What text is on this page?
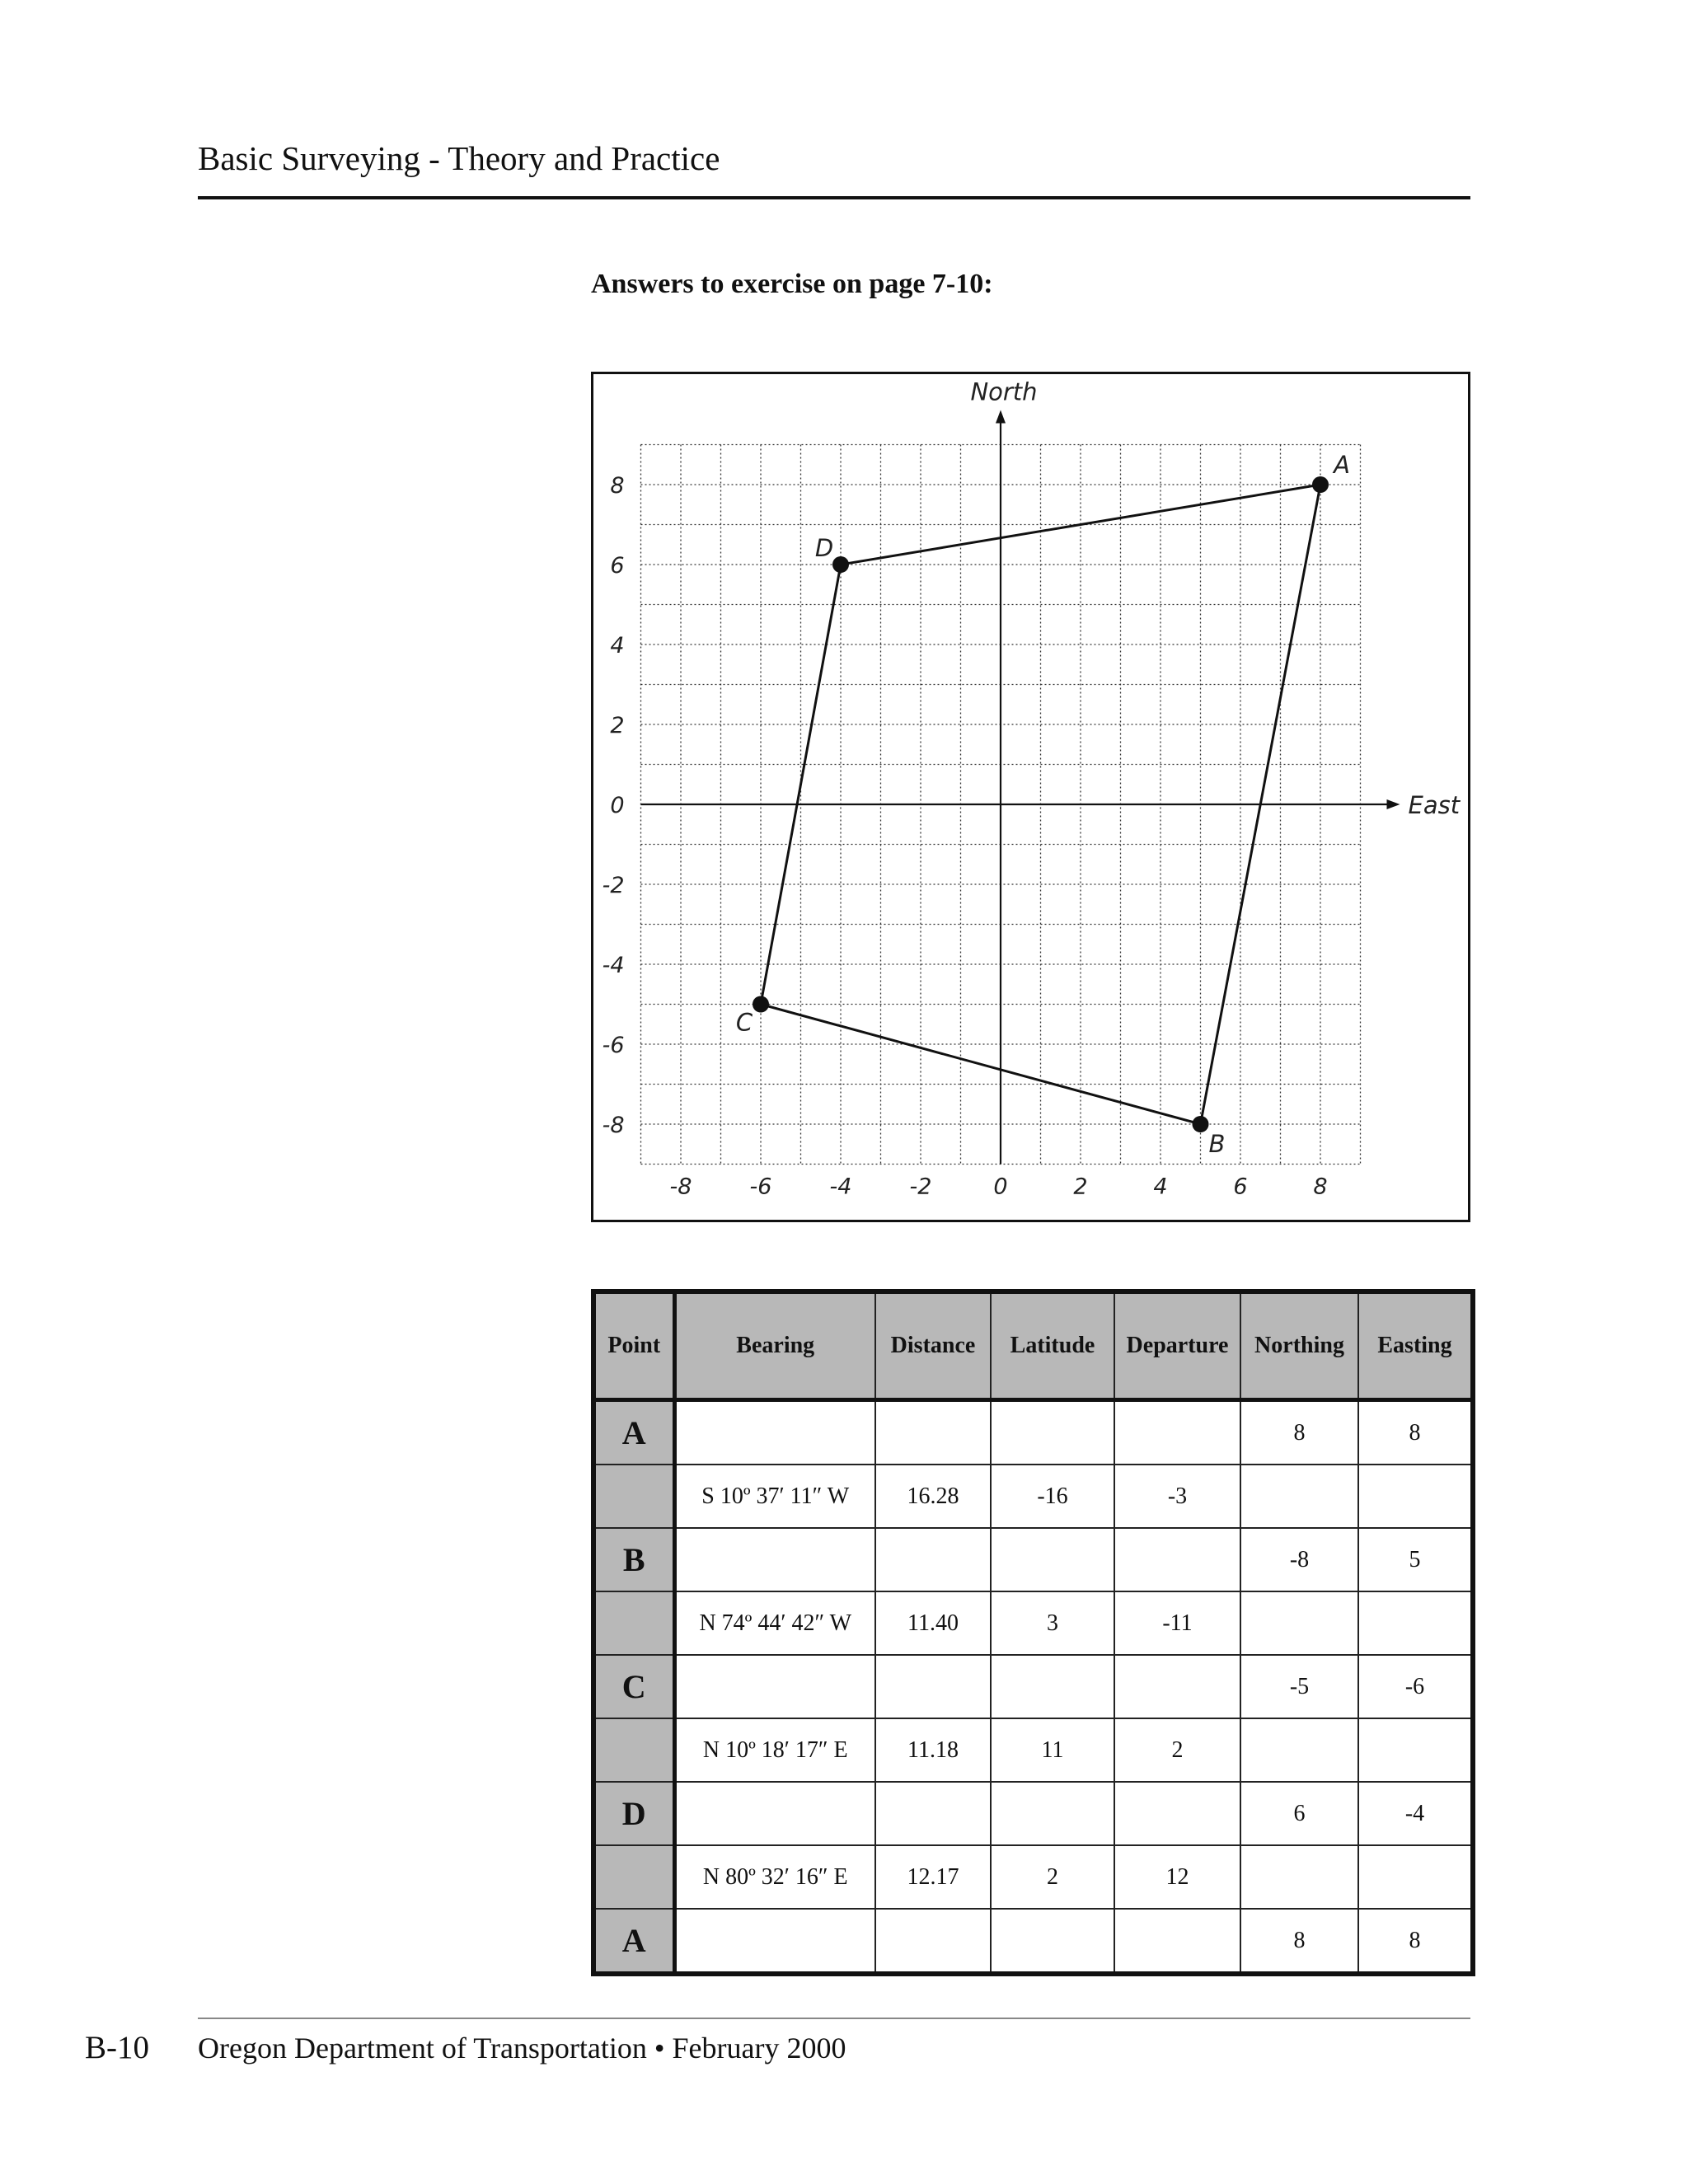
Basic Surveying - Theory and Practice
Answers to exercise on page 7-10:
North
East
-8	-6	-4	-2	0	2	4	6	8
8
6
4
2
0
-2
-4
-6
-8
A
B
C
D
Point	Bearing	Distance	Latitude	Departure	Northing	Easting
A					8	8
	S 10º 37′ 11″ W	16.28	-16	-3		
B					-8	5
	N 74º 44′ 42″ W	11.40	3	-11		
C					-5	-6
	N 10º 18′ 17″ E	11.18	11	2		
D					6	-4
	N 80º 32′ 16″ E	12.17	2	12		
A					8	8
B-10 Oregon Department of Transportation • February 2000
